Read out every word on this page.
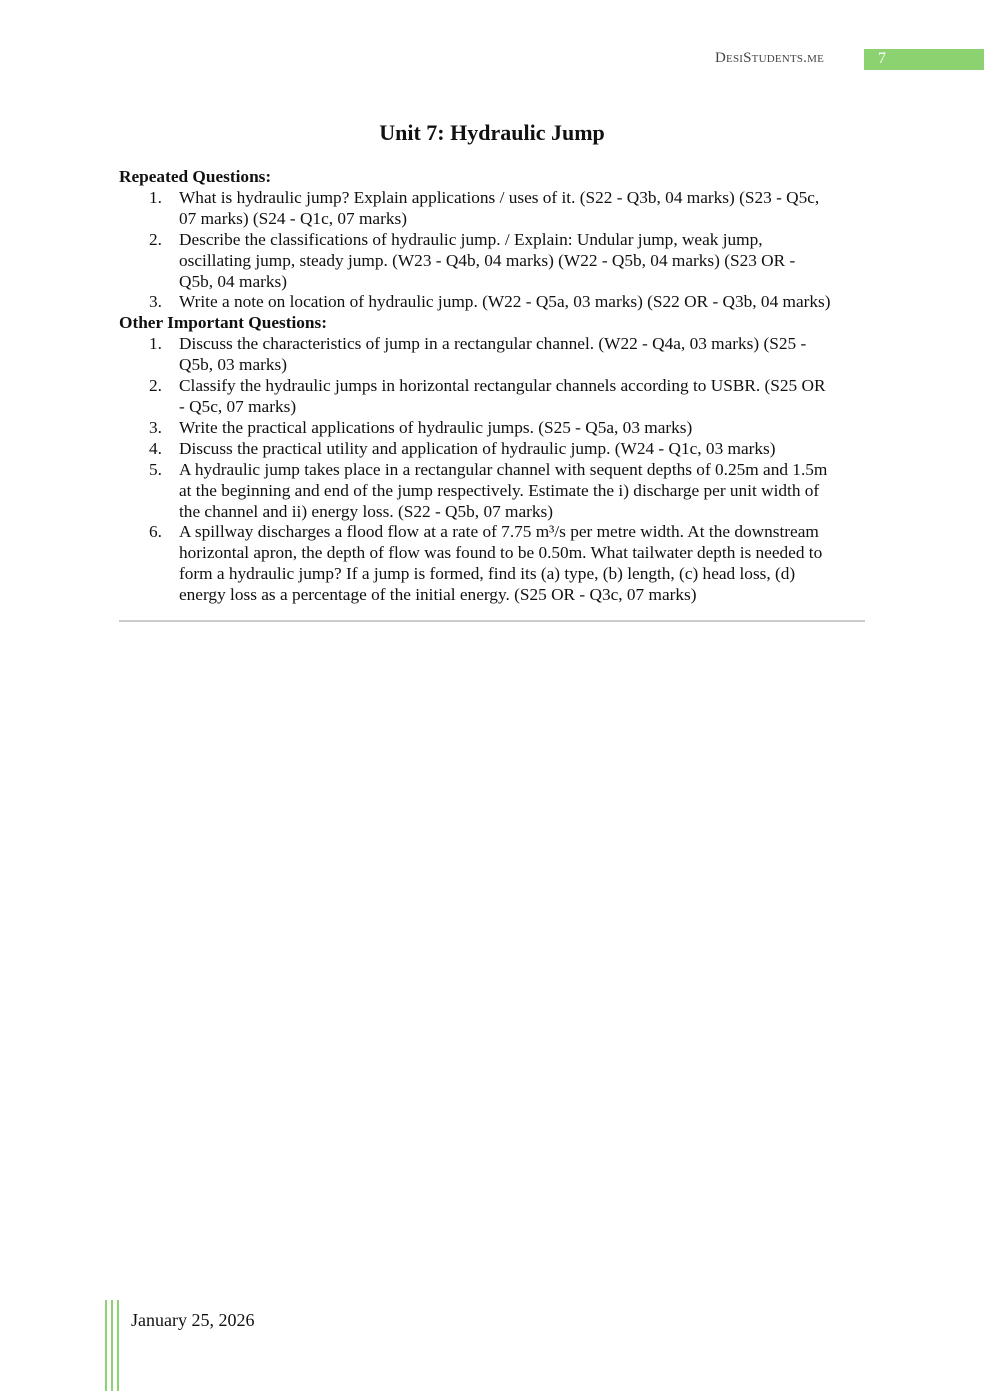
DesiStudents.me	7
Unit 7: Hydraulic Jump
Repeated Questions:
1. What is hydraulic jump? Explain applications / uses of it. (S22 - Q3b, 04 marks) (S23 - Q5c,
07 marks) (S24 - Q1c, 07 marks)
2. Describe the classifications of hydraulic jump. / Explain: Undular jump, weak jump,
oscillating jump, steady jump. (W23 - Q4b, 04 marks) (W22 - Q5b, 04 marks) (S23 OR -
Q5b, 04 marks)
3. Write a note on location of hydraulic jump. (W22 - Q5a, 03 marks) (S22 OR - Q3b, 04 marks)
Other Important Questions:
1. Discuss the characteristics of jump in a rectangular channel. (W22 - Q4a, 03 marks) (S25 -
Q5b, 03 marks)
2. Classify the hydraulic jumps in horizontal rectangular channels according to USBR. (S25 OR
- Q5c, 07 marks)
3. Write the practical applications of hydraulic jumps. (S25 - Q5a, 03 marks)
4. Discuss the practical utility and application of hydraulic jump. (W24 - Q1c, 03 marks)
5. A hydraulic jump takes place in a rectangular channel with sequent depths of 0.25m and 1.5m
at the beginning and end of the jump respectively. Estimate the i) discharge per unit width of
the channel and ii) energy loss. (S22 - Q5b, 07 marks)
6. A spillway discharges a flood flow at a rate of 7.75 m³/s per metre width. At the downstream
horizontal apron, the depth of flow was found to be 0.50m. What tailwater depth is needed to
form a hydraulic jump? If a jump is formed, find its (a) type, (b) length, (c) head loss, (d)
energy loss as a percentage of the initial energy. (S25 OR - Q3c, 07 marks)
January 25, 2026
